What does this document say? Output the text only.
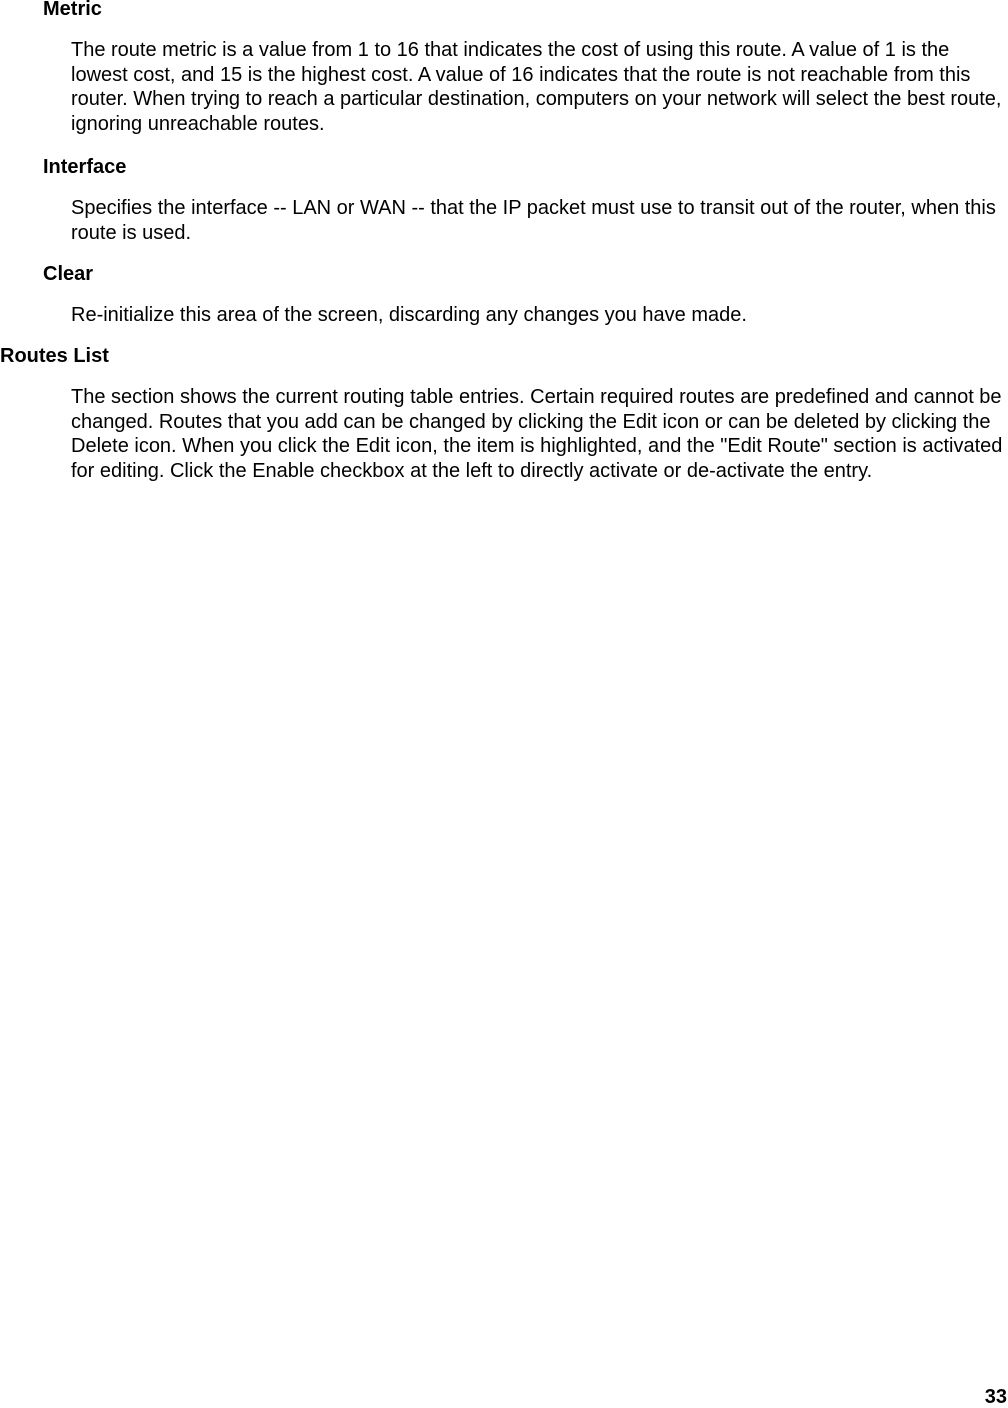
Metric

The route metric is a value from 1 to 16 that indicates the cost of using this route. A value of 1 is the lowest cost, and 15 is the highest cost. A value of 16 indicates that the route is not reachable from this router. When trying to reach a particular destination, computers on your network will select the best route, ignoring unreachable routes.

Interface

Specifies the interface -- LAN or WAN -- that the IP packet must use to transit out of the router, when this route is used.

Clear

Re-initialize this area of the screen, discarding any changes you have made.

Routes List

The section shows the current routing table entries. Certain required routes are predefined and cannot be changed. Routes that you add can be changed by clicking the Edit icon or can be deleted by clicking the Delete icon. When you click the Edit icon, the item is highlighted, and the "Edit Route" section is activated for editing. Click the Enable checkbox at the left to directly activate or de-activate the entry.

33
